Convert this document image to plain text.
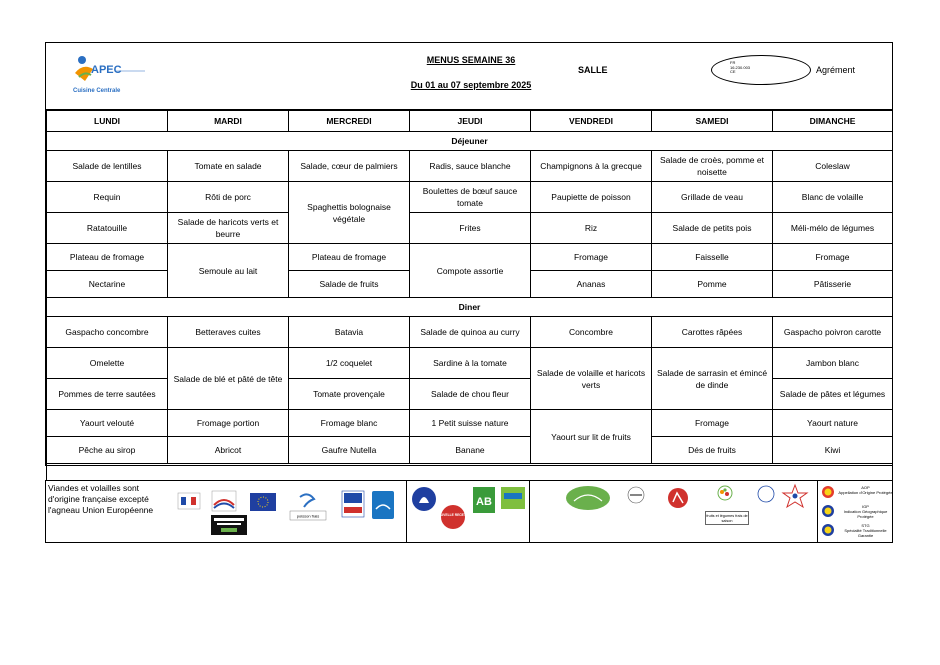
APEC
Cuisine Centrale
MENUS SEMAINE 36
Du 01 au 07 septembre 2025
SALLE
FR
16.230.003
CE	Agrément
LUNDI	MARDI	MERCREDI	JEUDI	VENDREDI	SAMEDI	DIMANCHE
Déjeuner						
Salade de lentilles	Tomate en salade	Salade, cœur de palmiers	Radis, sauce blanche	Champignons à la grecque	Salade de croès, pomme et noisette	Coleslaw
Requin	Rôti de porc	Spaghettis bolognaise végétale	Boulettes de bœuf sauce tomate	Paupiette de poisson	Grillade de veau	Blanc de volaille
Ratatouille	Salade de haricots verts et beurre		Frites	Riz	Salade de petits pois	Méli-mélo de légumes
Plateau de fromage	Semoule au lait	Plateau de fromage	Compote assortie	Fromage	Faisselle	Fromage
Nectarine		Salade de fruits		Ananas	Pomme	Pâtisserie
Diner						
Gaspacho concombre	Betteraves cuites	Batavia	Salade de quinoa au curry	Concombre	Carottes râpées	Gaspacho poivron carotte
Omelette	Salade de blé et pâté de tête	1/2 coquelet	Sardine à la tomate	Salade de volaille et haricots verts	Salade de sarrasin et émincé de dinde	Jambon blanc
Pommes de terre sautées		Tomate provençale	Salade de chou fleur			Salade de pâtes et légumes
Yaourt velouté	Fromage portion	Fromage blanc	1 Petit suisse nature	Yaourt sur lit de fruits	Fromage	Yaourt nature
Pêche au sirop	Abricot	Gaufre Nutella	Banane		Dés de fruits	Kiwi

Viandes et volailles sont d'origine française excepté l'agneau Union Européenne
poisson frais	NOUVELLE RECETTE
AB
fruits et légumes frais de saison
AOP
Appellation d'Origine Protégée
IGP
Indication Géographique Protégée
STG
Spécialité Traditionnelle Garantie
